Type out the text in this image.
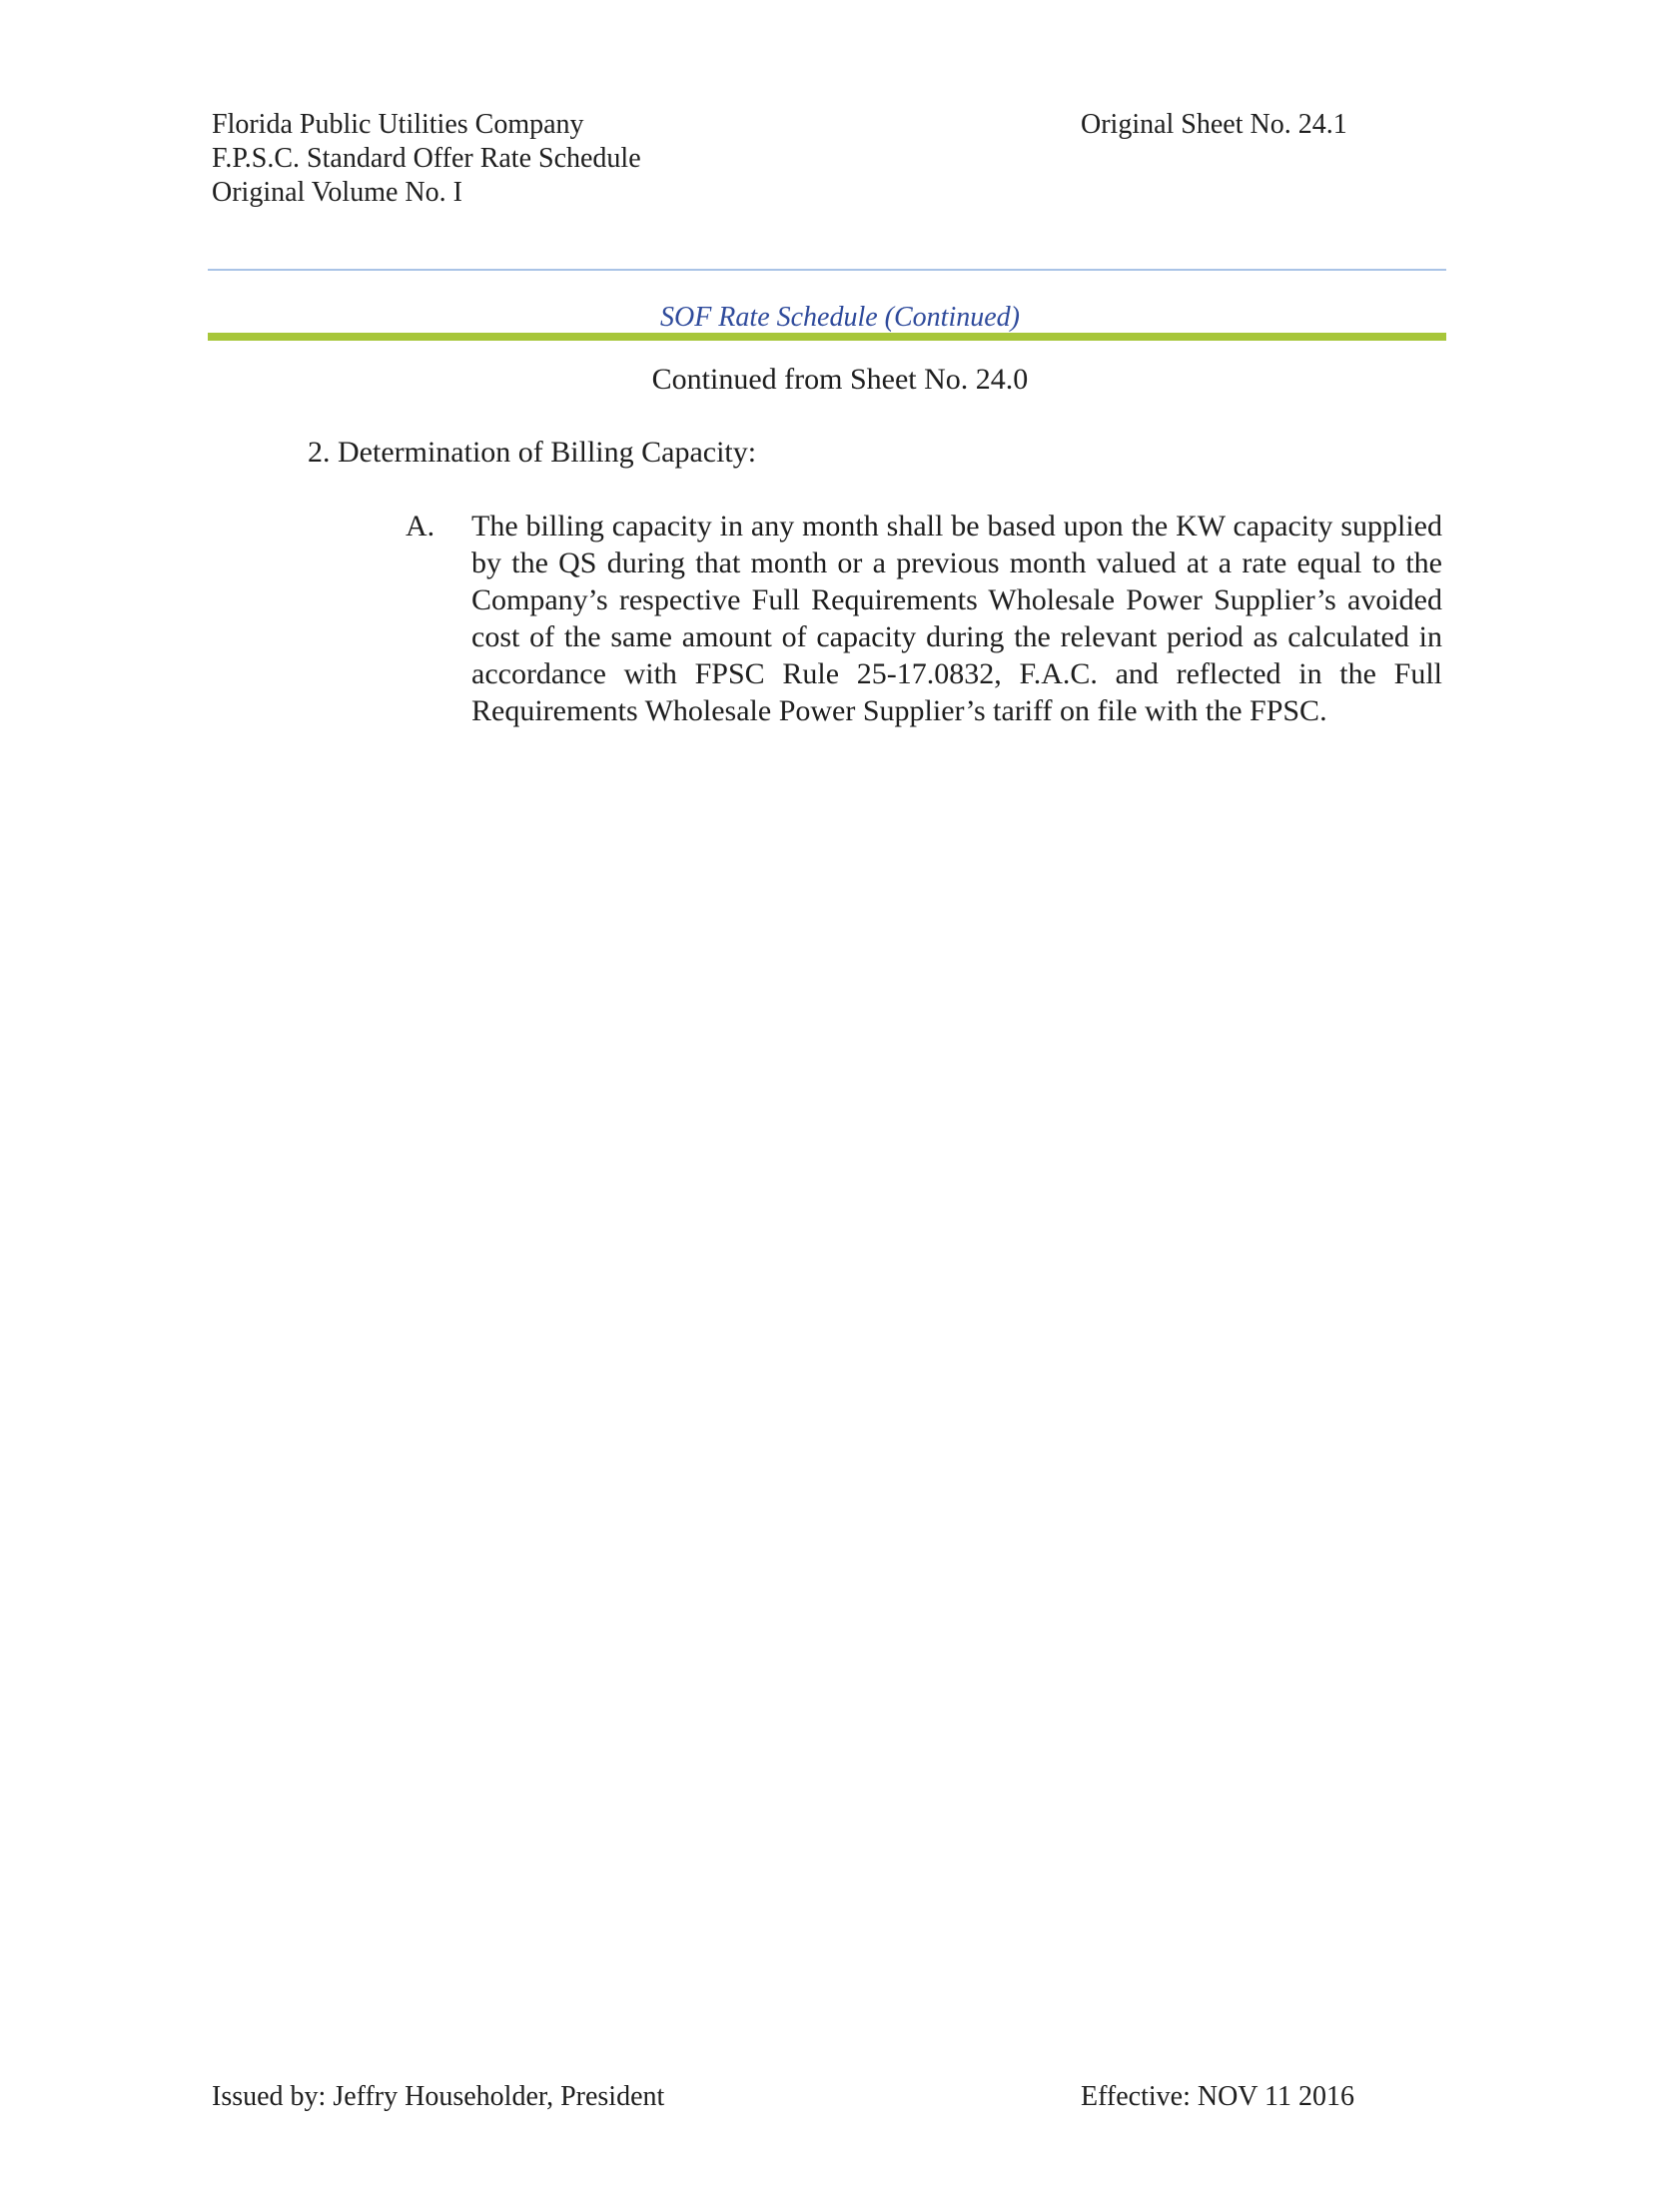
Florida Public Utilities Company
F.P.S.C. Standard Offer Rate Schedule
Original Volume No. I
Original Sheet No. 24.1
SOF Rate Schedule (Continued)
Continued from Sheet No. 24.0
2. Determination of Billing Capacity:
A. The billing capacity in any month shall be based upon the KW capacity supplied by the QS during that month or a previous month valued at a rate equal to the Company’s respective Full Requirements Wholesale Power Supplier’s avoided cost of the same amount of capacity during the relevant period as calculated in accordance with FPSC Rule 25-17.0832, F.A.C. and reflected in the Full Requirements Wholesale Power Supplier’s tariff on file with the FPSC.
Issued by: Jeffry Householder, President	Effective: NOV 11 2016
